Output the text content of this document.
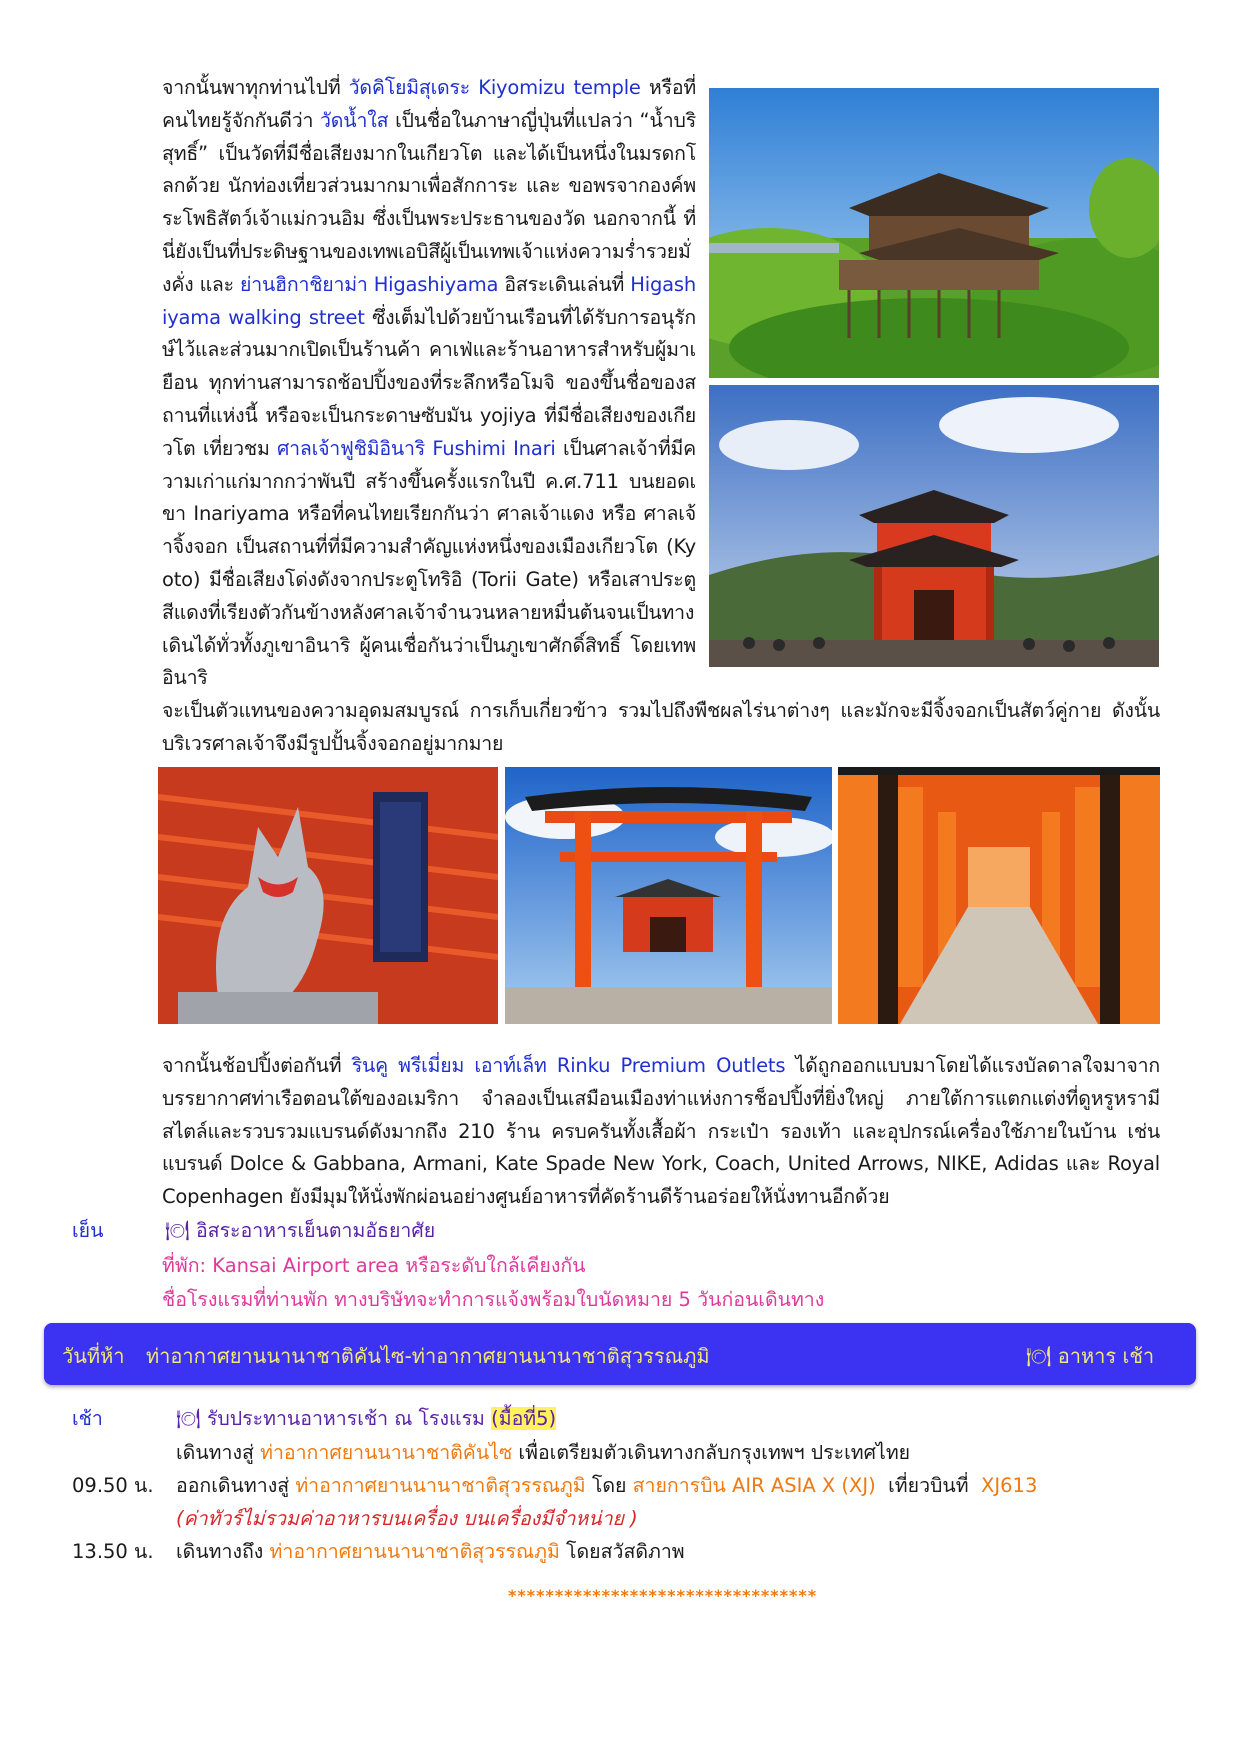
จากนั้นพาทุกท่านไปที่ วัดคิโยมิสุเดระ Kiyomizu temple หรือที่คนไทยรู้จักกันดีว่า วัดน้ำใส เป็นชื่อในภาษาญี่ปุ่นที่แปลว่า “น้ำบริสุทธิ์” เป็นวัดที่มีชื่อเสียงมากในเกียวโต และได้เป็นหนึ่งในมรดกโลกด้วย นักท่องเที่ยวส่วนมากมาเพื่อสักการะ และ ขอพรจากองค์พระโพธิสัตว์เจ้าแม่กวนอิม ซึ่งเป็นพระประธานของวัด นอกจากนี้ ที่นี่ยังเป็นที่ประดิษฐานของเทพเอบิสึผู้เป็นเทพเจ้าแห่งความร่ำรวยมั่งคั่ง และ ย่านฮิกาชิยาม่า Higashiyama อิสระเดินเล่นที่ Higashiyama walking street ซึ่งเต็มไปด้วยบ้านเรือนที่ได้รับการอนุรักษ์ไว้และส่วนมากเปิดเป็นร้านค้า คาเฟ่และร้านอาหารสำหรับผู้มาเยือน ทุกท่านสามารถช้อปปิ้งของที่ระลึกหรือโมจิ ของขึ้นชื่อของสถานที่แห่งนี้ หรือจะเป็นกระดาษซับมัน yojiya ที่มีชื่อเสียงของเกียวโต เที่ยวชม ศาลเจ้าฟูชิมิอินาริ Fushimi Inari เป็นศาลเจ้าที่มีความเก่าแก่มากกว่าพันปี สร้างขึ้นครั้งแรกในปี ค.ศ.711 บนยอดเขา Inariyama หรือที่คนไทยเรียกกันว่า ศาลเจ้าแดง หรือ ศาลเจ้าจิ้งจอก เป็นสถานที่ที่มีความสำคัญแห่งหนึ่งของเมืองเกียวโต (Kyoto) มีชื่อเสียงโด่งดังจากประตูโทริอิ (Torii Gate) หรือเสาประตูสีแดงที่เรียงตัวกันข้างหลังศาลเจ้าจำนวนหลายหมื่นต้นจนเป็นทางเดินได้ทั่วทั้งภูเขาอินาริ ผู้คนเชื่อกันว่าเป็นภูเขาศักดิ์สิทธิ์ โดยเทพอินาริ
จะเป็นตัวแทนของความอุดมสมบูรณ์ การเก็บเกี่ยวข้าว รวมไปถึงพืชผลไร่นาต่างๆ และมักจะมีจิ้งจอกเป็นสัตว์คู่กาย ดังนั้นบริเวรศาลเจ้าจึงมีรูปปั้นจิ้งจอกอยู่มากมาย
จากนั้นช้อปปิ้งต่อกันที่ รินคู พรีเมี่ยม เอาท์เล็ท Rinku Premium Outlets ได้ถูกออกแบบมาโดยได้แรงบัลดาลใจมาจากบรรยากาศท่าเรือตอนใต้ของอเมริกา จำลองเป็นเสมือนเมืองท่าแห่งการช็อปปิ้งที่ยิ่งใหญ่ ภายใต้การแตกแต่งที่ดูหรูหรามีสไตล์และรวบรวมแบรนด์ดังมากถึง 210 ร้าน ครบครันทั้งเสื้อผ้า กระเป๋า รองเท้า และอุปกรณ์เครื่องใช้ภายในบ้าน เช่น แบรนด์ Dolce & Gabbana, Armani, Kate Spade New York, Coach, United Arrows, NIKE, Adidas และ Royal Copenhagen ยังมีมุมให้นั่งพักผ่อนอย่างศูนย์อาหารที่คัดร้านดีร้านอร่อยให้นั่งทานอีกด้วย
เย็น	🍽 อิสระอาหารเย็นตามอัธยาศัย
ที่พัก: Kansai Airport area หรือระดับใกล้เคียงกัน
ชื่อโรงแรมที่ท่านพัก ทางบริษัทจะทำการแจ้งพร้อมใบนัดหมาย 5 วันก่อนเดินทาง
วันที่ห้า ท่าอากาศยานนานาชาติคันไซ-ท่าอากาศยานนานาชาติสุวรรณภูมิ	🍽 อาหาร เช้า
เช้า	🍽 รับประทานอาหารเช้า ณ โรงแรม (มื้อที่5)
เดินทางสู่ ท่าอากาศยานนานาชาติคันไซ เพื่อเตรียมตัวเดินทางกลับกรุงเทพฯ ประเทศไทย
09.50 น. ออกเดินทางสู่ ท่าอากาศยานนานาชาติสุวรรณภูมิ โดย สายการบิน AIR ASIA X (XJ)  เที่ยวบินที่  XJ613
(ค่าทัวร์ไม่รวมค่าอาหารบนเครื่อง บนเครื่องมีจำหน่าย )
13.50 น. เดินทางถึง ท่าอากาศยานนานาชาติสุวรรณภูมิ โดยสวัสดิภาพ
*********************************
